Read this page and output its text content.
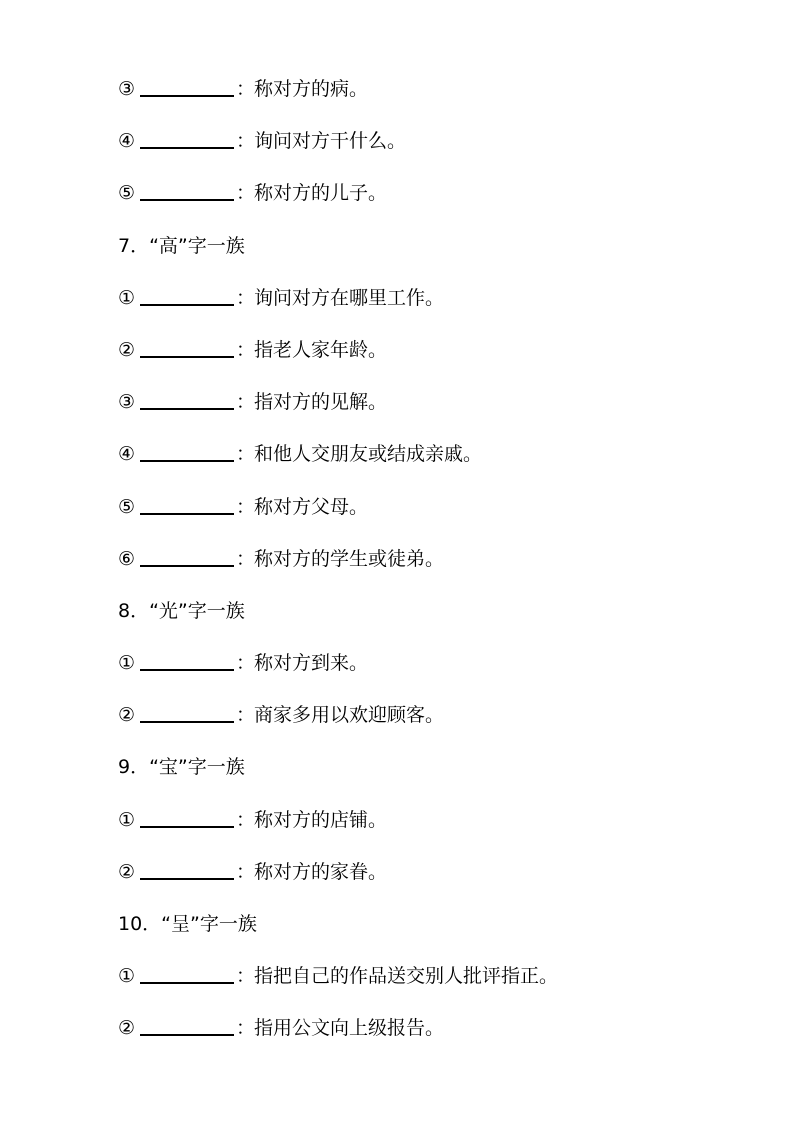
③	：称对方的病。
④	：询问对方干什么。
⑤	：称对方的儿子。
7．“高”字一族
①	：询问对方在哪里工作。
②	：指老人家年龄。
③	：指对方的见解。
④	：和他人交朋友或结成亲戚。
⑤	：称对方父母。
⑥	：称对方的学生或徒弟。
8．“光”字一族
①	：称对方到来。
②	：商家多用以欢迎顾客。
9．“宝”字一族
①	：称对方的店铺。
②	：称对方的家眷。
10．“呈”字一族
①	：指把自己的作品送交别人批评指正。
②	：指用公文向上级报告。
